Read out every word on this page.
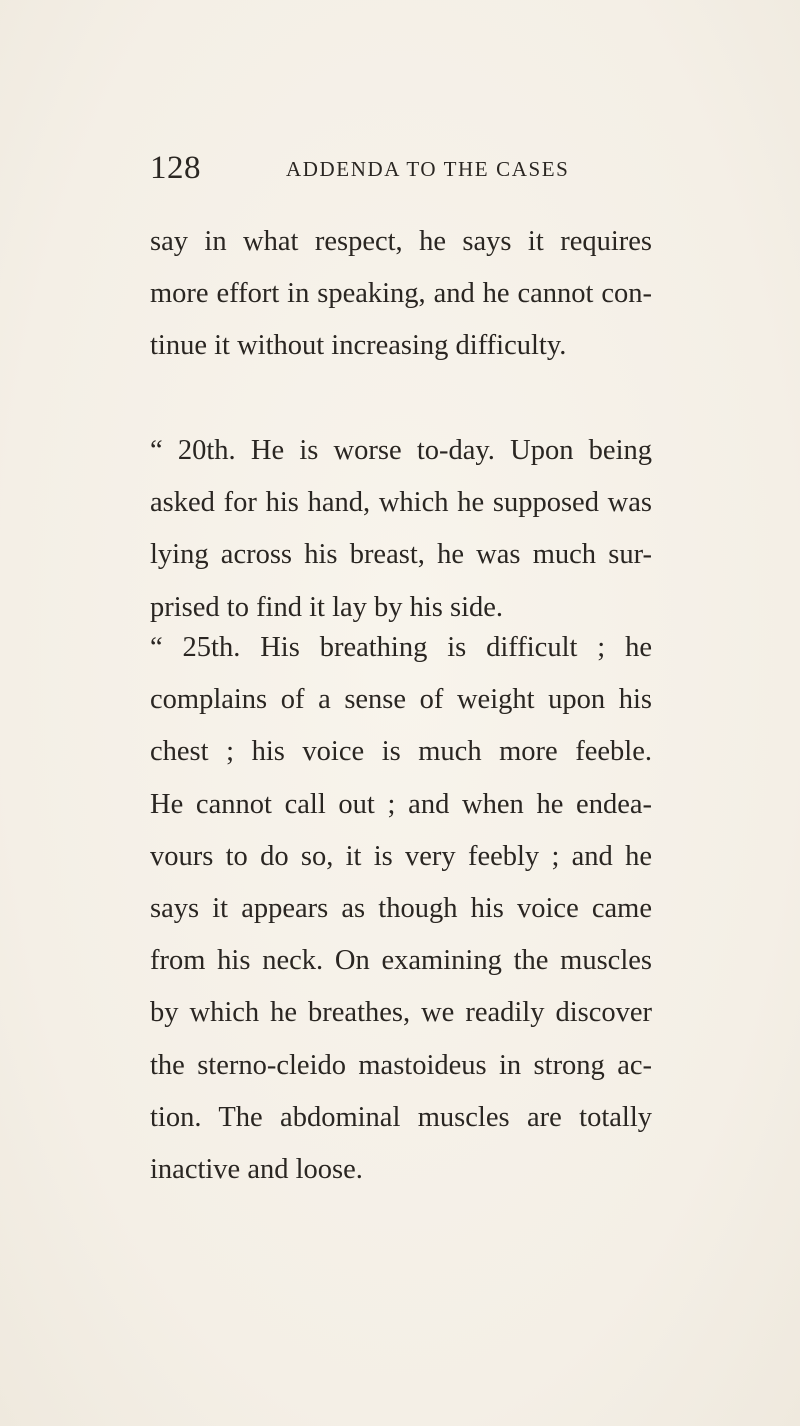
128	ADDENDA TO THE CASES
say in what respect, he says it requires
more effort in speaking, and he cannot con-
tinue it without increasing difficulty.
“ 20th. He is worse to-day. Upon being
asked for his hand, which he supposed was
lying across his breast, he was much sur-
prised to find it lay by his side.
“ 25th. His breathing is difficult ; he
complains of a sense of weight upon his
chest ; his voice is much more feeble.
He cannot call out ; and when he endea-
vours to do so, it is very feebly ; and he
says it appears as though his voice came
from his neck. On examining the muscles
by which he breathes, we readily discover
the sterno-cleido mastoideus in strong ac-
tion. The abdominal muscles are totally
inactive and loose.
